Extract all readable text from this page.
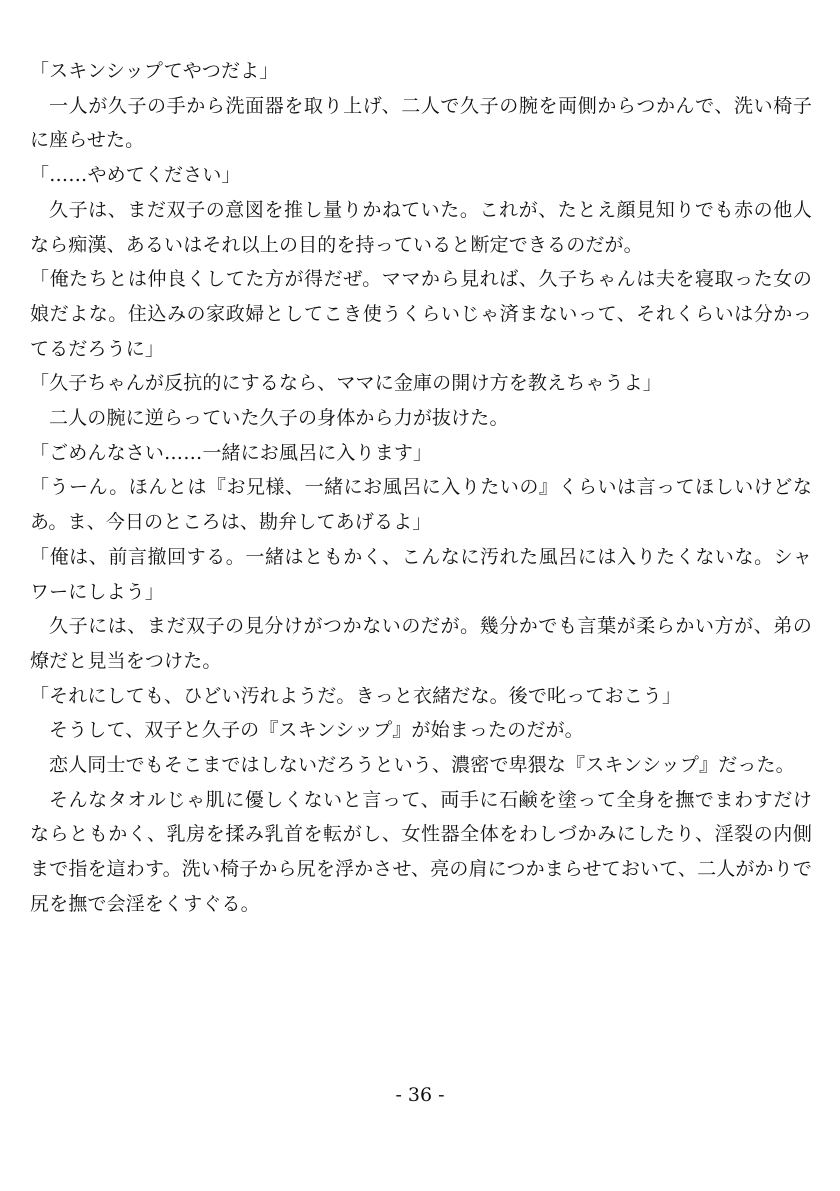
「スキンシップてやつだよ」

一人が久子の手から洗面器を取り上げ、二人で久子の腕を両側からつかんで、洗い椅子に座らせた。

「……やめてください」

久子は、まだ双子の意図を推し量りかねていた。これが、たとえ顔見知りでも赤の他人なら痴漢、あるいはそれ以上の目的を持っていると断定できるのだが。

「俺たちとは仲良くしてた方が得だぜ。ママから見れば、久子ちゃんは夫を寝取った女の娘だよな。住込みの家政婦としてこき使うくらいじゃ済まないって、それくらいは分かってるだろうに」

「久子ちゃんが反抗的にするなら、ママに金庫の開け方を教えちゃうよ」

二人の腕に逆らっていた久子の身体から力が抜けた。

「ごめんなさい……一緒にお風呂に入ります」

「うーん。ほんとは『お兄様、一緒にお風呂に入りたいの』くらいは言ってほしいけどなあ。ま、今日のところは、勘弁してあげるよ」

「俺は、前言撤回する。一緒はともかく、こんなに汚れた風呂には入りたくないな。シャワーにしよう」

久子には、まだ双子の見分けがつかないのだが。幾分かでも言葉が柔らかい方が、弟の燎だと見当をつけた。

「それにしても、ひどい汚れようだ。きっと衣緒だな。後で叱っておこう」

そうして、双子と久子の『スキンシップ』が始まったのだが。

恋人同士でもそこまではしないだろうという、濃密で卑猥な『スキンシップ』だった。

そんなタオルじゃ肌に優しくないと言って、両手に石鹸を塗って全身を撫でまわすだけならともかく、乳房を揉み乳首を転がし、女性器全体をわしづかみにしたり、淫裂の内側まで指を這わす。洗い椅子から尻を浮かさせ、亮の肩につかまらせておいて、二人がかりで尻を撫で会淫をくすぐる。

- 36 -
